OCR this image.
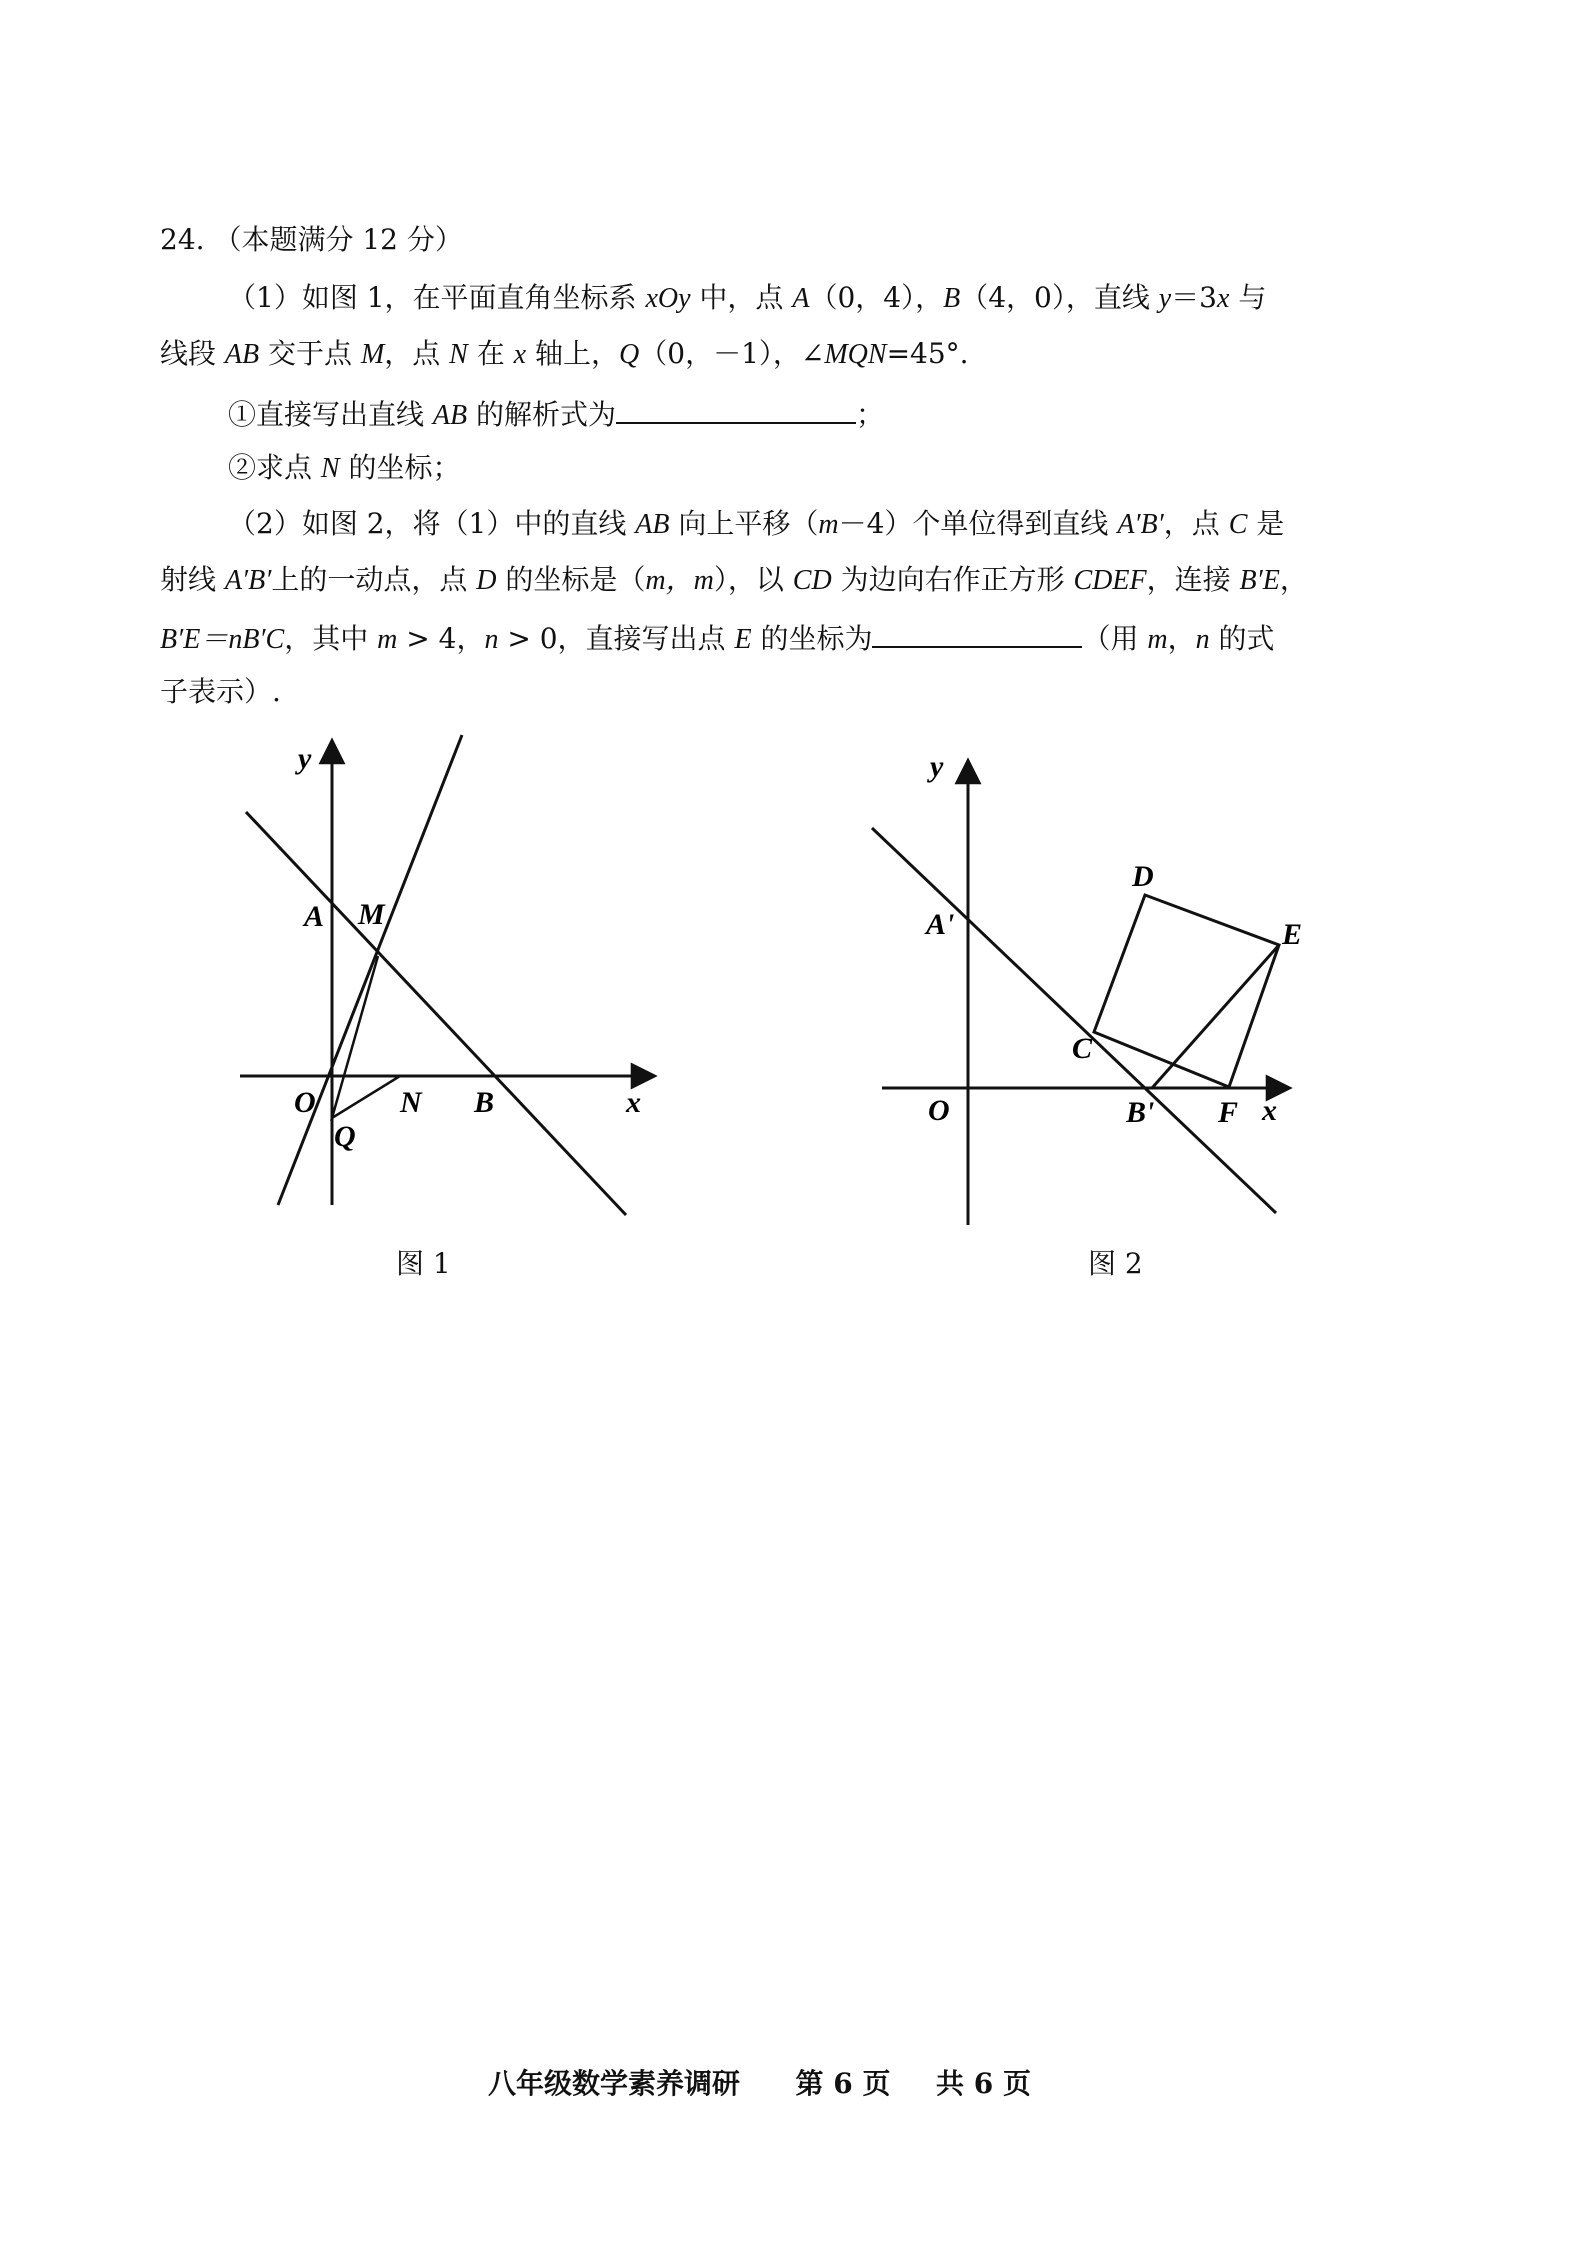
24. （本题满分 12 分）
（1）如图 1，在平面直角坐标系 xOy 中，点 A（0，4），B（4，0），直线 y＝3x 与
线段 AB 交于点 M，点 N 在 x 轴上，Q（0，－1），∠MQN=45°.
①直接写出直线 AB 的解析式为	；
②求点 N 的坐标；
（2）如图 2，将（1）中的直线 AB 向上平移（m－4）个单位得到直线 A′B′，点 C 是
射线 A′B′上的一动点，点 D 的坐标是（m，m），以 CD 为边向右作正方形 CDEF，连接 B′E，
B′E＝nB′C，其中 m > 4，n > 0，直接写出点 E 的坐标为	（用 m，n 的式
子表示）.
y
x
A M
O	N B
Q
图 1
y
x
A'
D
E
C
O	B' F
图 2
八年级数学素养调研 第 6 页 共 6 页
